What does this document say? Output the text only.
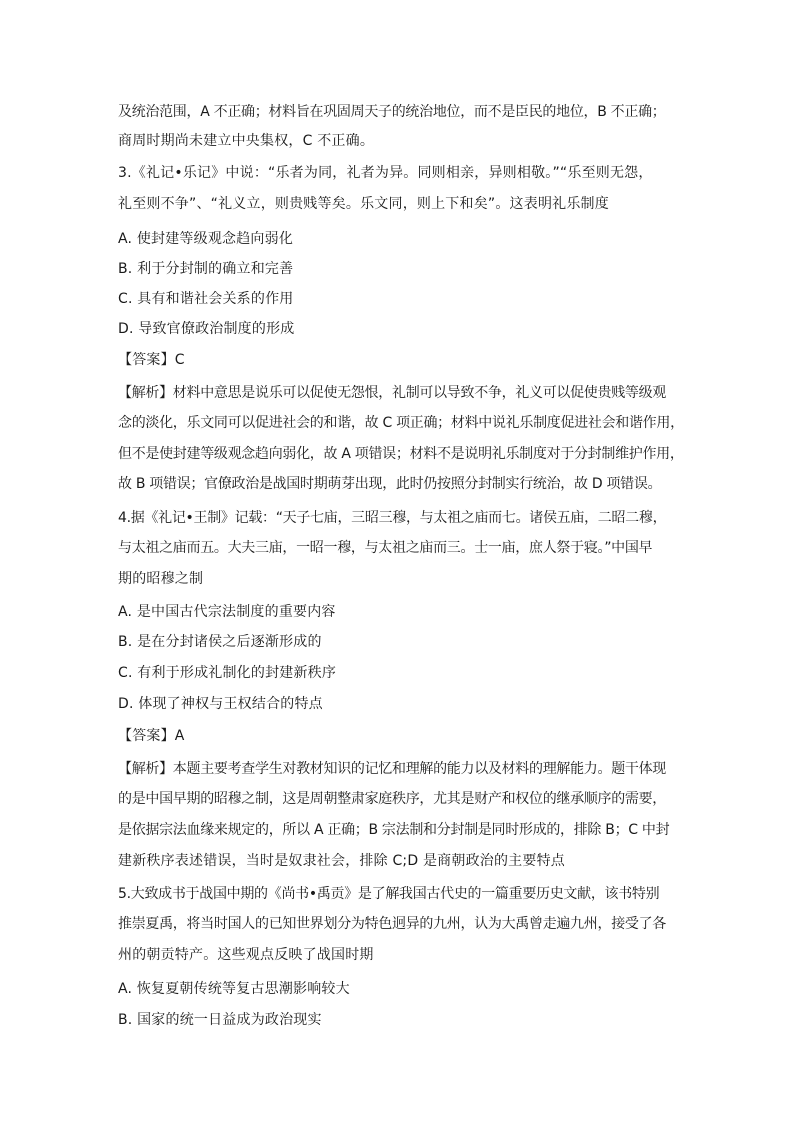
及统治范围，A 不正确；材料旨在巩固周天子的统治地位，而不是臣民的地位，B 不正确；
商周时期尚未建立中央集权，C 不正确。
3.《礼记•乐记》中说：“乐者为同，礼者为异。同则相亲，异则相敬。”“乐至则无怨，
礼至则不争”、“礼义立，则贵贱等矣。乐文同，则上下和矣”。这表明礼乐制度
A. 使封建等级观念趋向弱化
B. 利于分封制的确立和完善
C. 具有和谐社会关系的作用
D. 导致官僚政治制度的形成
【答案】C
【解析】材料中意思是说乐可以促使无怨恨，礼制可以导致不争，礼义可以促使贵贱等级观
念的淡化，乐文同可以促进社会的和谐，故 C 项正确；材料中说礼乐制度促进社会和谐作用，
但不是使封建等级观念趋向弱化，故 A 项错误；材料不是说明礼乐制度对于分封制维护作用，
故 B 项错误；官僚政治是战国时期萌芽出现，此时仍按照分封制实行统治，故 D 项错误。
4.据《礼记•王制》记载：“天子七庙，三昭三穆，与太祖之庙而七。诸侯五庙，二昭二穆，
与太祖之庙而五。大夫三庙，一昭一穆，与太祖之庙而三。士一庙，庶人祭于寝。”中国早
期的昭穆之制
A. 是中国古代宗法制度的重要内容
B. 是在分封诸侯之后逐渐形成的
C. 有利于形成礼制化的封建新秩序
D. 体现了神权与王权结合的特点
【答案】A
【解析】本题主要考查学生对教材知识的记忆和理解的能力以及材料的理解能力。题干体现
的是中国早期的昭穆之制，这是周朝整肃家庭秩序，尤其是财产和权位的继承顺序的需要，
是依据宗法血缘来规定的，所以 A 正确；B 宗法制和分封制是同时形成的，排除 B；C 中封
建新秩序表述错误，当时是奴隶社会，排除 C;D 是商朝政治的主要特点
5.大致成书于战国中期的《尚书•禹贡》是了解我国古代史的一篇重要历史文献，该书特别
推崇夏禹，将当时国人的已知世界划分为特色迥异的九州，认为大禹曾走遍九州，接受了各
州的朝贡特产。这些观点反映了战国时期
A. 恢复夏朝传统等复古思潮影响较大
B. 国家的统一日益成为政治现实
